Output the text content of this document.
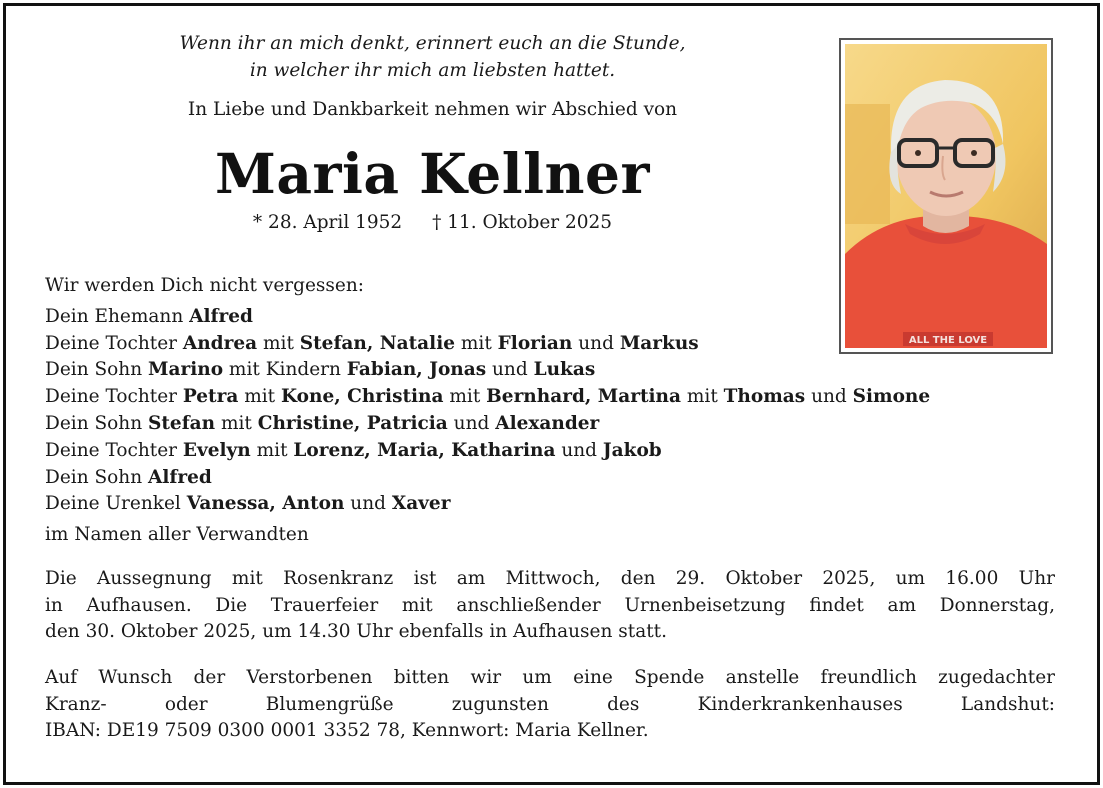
Wenn ihr an mich denkt, erinnert euch an die Stunde,
in welcher ihr mich am liebsten hattet.
In Liebe und Dankbarkeit nehmen wir Abschied von
Maria Kellner
* 28. April 1952 † 11. Oktober 2025
ALL THE LOVE
Wir werden Dich nicht vergessen:
Dein Ehemann Alfred
Deine Tochter Andrea mit Stefan, Natalie mit Florian und Markus
Dein Sohn Marino mit Kindern Fabian, Jonas und Lukas
Deine Tochter Petra mit Kone, Christina mit Bernhard, Martina mit Thomas und Simone
Dein Sohn Stefan mit Christine, Patricia und Alexander
Deine Tochter Evelyn mit Lorenz, Maria, Katharina und Jakob
Dein Sohn Alfred
Deine Urenkel Vanessa, Anton und Xaver
im Namen aller Verwandten
Die Aussegnung mit Rosenkranz ist am Mittwoch, den 29. Oktober 2025, um 16.00 Uhr
in Aufhausen. Die Trauerfeier mit anschließender Urnenbeisetzung findet am Donnerstag,
den 30. Oktober 2025, um 14.30 Uhr ebenfalls in Aufhausen statt.
Auf Wunsch der Verstorbenen bitten wir um eine Spende anstelle freundlich zugedachter
Kranz- oder Blumengrüße zugunsten des Kinderkrankenhauses Landshut:
IBAN: DE19 7509 0300 0001 3352 78, Kennwort: Maria Kellner.
